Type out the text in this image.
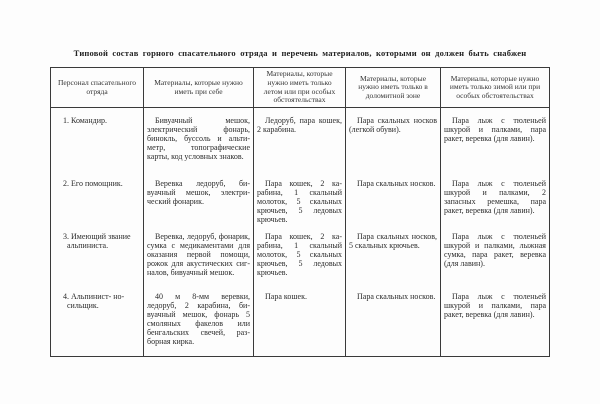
Типовой состав горного спасательного отряда и перечень материалов, которыми он должен быть снабжен
Персонал спасательного отряда	Материалы, которые нужно иметь при себе	Материалы, которые нужно иметь только летом или при особых обстоятельствах	Материалы, которые нужно иметь только в доломитной зоне	Материалы, которые нужно иметь только зимой или при особых обстоятельствах
1. Командир.	Бивуачный мешок, электрический фонарь, бинокль, буссоль и альтиметр, топографические карты, код условных знаков.	Ледоруб, пара кошек, 2 карабина.	Пара скальных носков (легкой обуви).	Пара лыж с тюленьей шкурой и палками, пара ракет, веревка (для лавин).
2. Его помощник.	Веревка ледоруб, бивуачный мешок, электрический фонарик.	Пара кошек, 2 карабина, 1 скальный молоток, 5 скальных крючьев, 5 ледовых крючьев.	Пара скальных носков.	Пара лыж с тюленьей шкурой и палками, 2 запасных ремешка, пара ракет, веревка (для лавин).
3. Имеющий звание альпиниста.	Веревка, ледоруб, фонарик, сумка с медикаментами для оказания первой помощи, рожок для акустических сигналов, бивуачный мешок.	Пара кошек, 2 карабина, 1 скальный молоток, 5 скальных крючьев, 5 ледовых крючьев.	Пара скальных носков, 5 скальных крючьев.	Пара лыж с тюленьей шкурой и палками, лыжная сумка, пара ракет, веревка (для лавин).
4. Альпинист- носильщик.	40 м 8-мм веревки, ледоруб, 2 карабина, бивуачный мешок, фонарь 5 смоляных факелов или бенгальских свечей, разборная кирка.	Пара кошек.	Пара скальных носков.	Пара лыж с тюленьей шкурой и палками, пара ракет, веревка (для лавин).
